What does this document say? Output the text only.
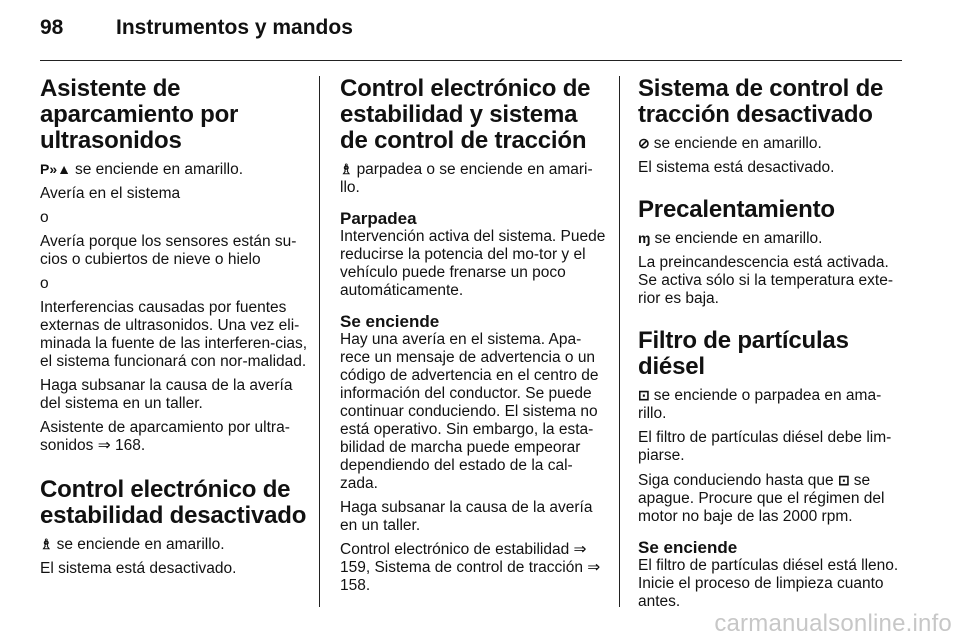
98	Instrumentos y mandos
Asistente de aparcamiento por ultrasonidos

P»▲ se enciende en amarillo.

Avería en el sistema

o

Avería porque los sensores están su-cios o cubiertos de nieve o hielo

o

Interferencias causadas por fuentes externas de ultrasonidos. Una vez eli-minada la fuente de las interferen-cias, el sistema funcionará con nor-malidad.

Haga subsanar la causa de la avería del sistema en un taller.

Asistente de aparcamiento por ultra-sonidos ⇒ 168.

Control electrónico de estabilidad desactivado

♗ se enciende en amarillo.

El sistema está desactivado.

Control electrónico de estabilidad y sistema de control de tracción

♗ parpadea o se enciende en amari-llo.

Parpadea

Intervención activa del sistema. Puede reducirse la potencia del mo-tor y el vehículo puede frenarse un poco automáticamente.

Se enciende

Hay una avería en el sistema. Apa-rece un mensaje de advertencia o un código de advertencia en el centro de información del conductor. Se puede continuar conduciendo. El sistema no está operativo. Sin embargo, la esta-bilidad de marcha puede empeorar dependiendo del estado de la cal-zada.

Haga subsanar la causa de la avería en un taller.

Control electrónico de estabilidad ⇒ 159, Sistema de control de tracción ⇒ 158.

Sistema de control de tracción desactivado

⊘ se enciende en amarillo.

El sistema está desactivado.

Precalentamiento

ɱ se enciende en amarillo.

La preincandescencia está activada. Se activa sólo si la temperatura exte-rior es baja.

Filtro de partículas diésel

⊡ se enciende o parpadea en ama-rillo.

El filtro de partículas diésel debe lim-piarse.

Siga conduciendo hasta que ⊡ se apague. Procure que el régimen del motor no baje de las 2000 rpm.

Se enciende

El filtro de partículas diésel está lleno. Inicie el proceso de limpieza cuanto antes.

carmanualsonline.info
